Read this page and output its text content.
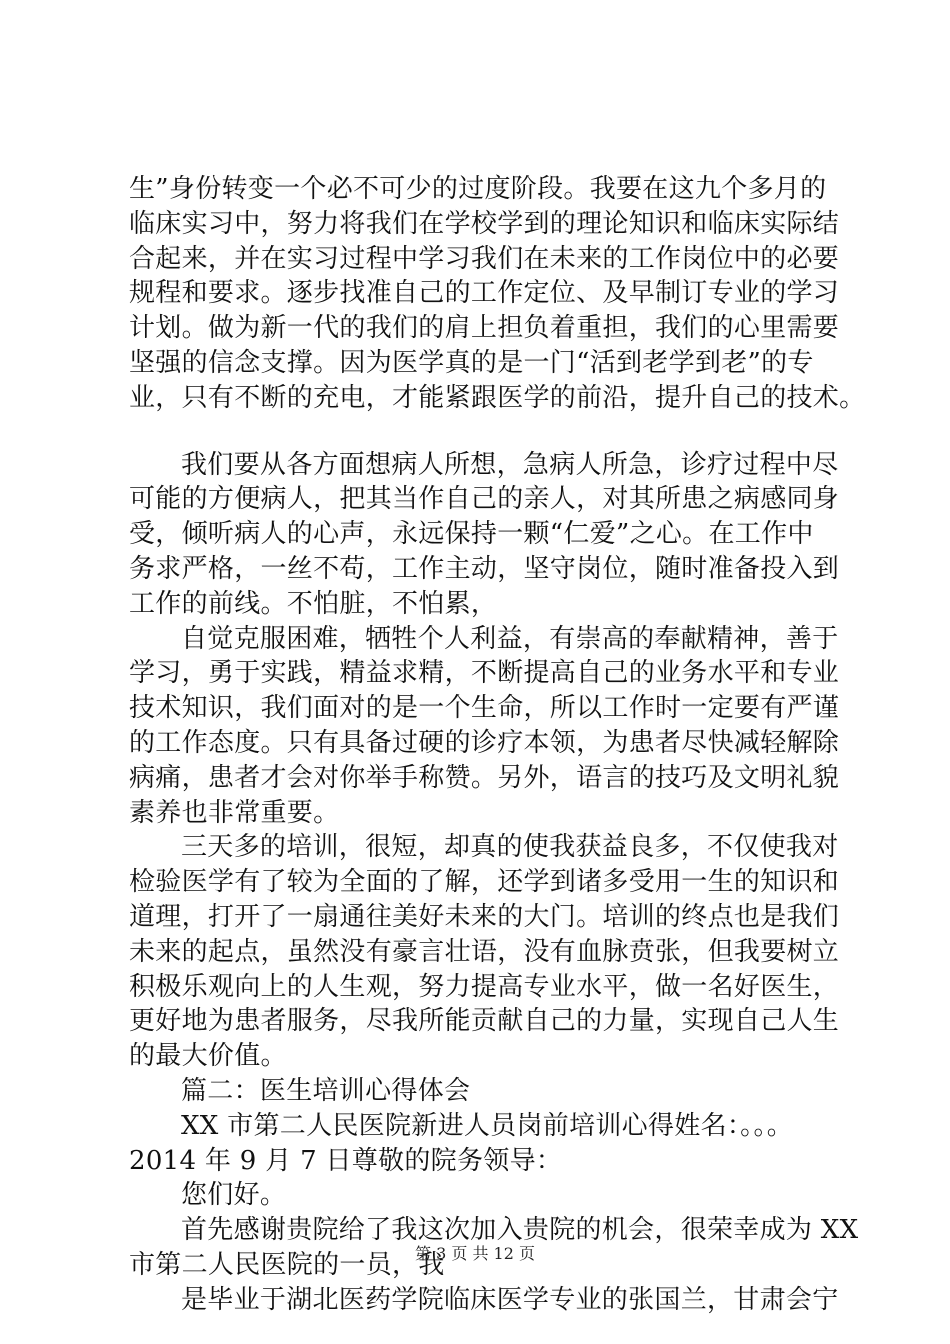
生”身份转变一个必不可少的过度阶段。我要在这九个多月的
临床实习中，努力将我们在学校学到的理论知识和临床实际结
合起来，并在实习过程中学习我们在未来的工作岗位中的必要
规程和要求。逐步找准自己的工作定位、及早制订专业的学习
计划。做为新一代的我们的肩上担负着重担，我们的心里需要
坚强的信念支撑。因为医学真的是一门“活到老学到老”的专
业，只有不断的充电，才能紧跟医学的前沿，提升自己的技术。
我们要从各方面想病人所想，急病人所急，诊疗过程中尽
可能的方便病人，把其当作自己的亲人，对其所患之病感同身
受，倾听病人的心声，永远保持一颗“仁爱”之心。在工作中
务求严格，一丝不苟，工作主动，坚守岗位，随时准备投入到
工作的前线。不怕脏，不怕累，
自觉克服困难，牺牲个人利益，有崇高的奉献精神，善于
学习，勇于实践，精益求精，不断提高自己的业务水平和专业
技术知识，我们面对的是一个生命，所以工作时一定要有严谨
的工作态度。只有具备过硬的诊疗本领，为患者尽快减轻解除
病痛，患者才会对你举手称赞。另外，语言的技巧及文明礼貌
素养也非常重要。
三天多的培训，很短，却真的使我获益良多，不仅使我对
检验医学有了较为全面的了解，还学到诸多受用一生的知识和
道理，打开了一扇通往美好未来的大门。培训的终点也是我们
未来的起点，虽然没有豪言壮语，没有血脉贲张，但我要树立
积极乐观向上的人生观，努力提高专业水平，做一名好医生，
更好地为患者服务，尽我所能贡献自己的力量，实现自己人生
的最大价值。
篇二：医生培训心得体会
XX 市第二人民医院新进人员岗前培训心得姓名：。。。
2014 年 9 月 7 日尊敬的院务领导：
您们好。
首先感谢贵院给了我这次加入贵院的机会，很荣幸成为 XX
市第二人民医院的一员，我
是毕业于湖北医药学院临床医学专业的张国兰，甘肃会宁
第 3 页 共 12 页
